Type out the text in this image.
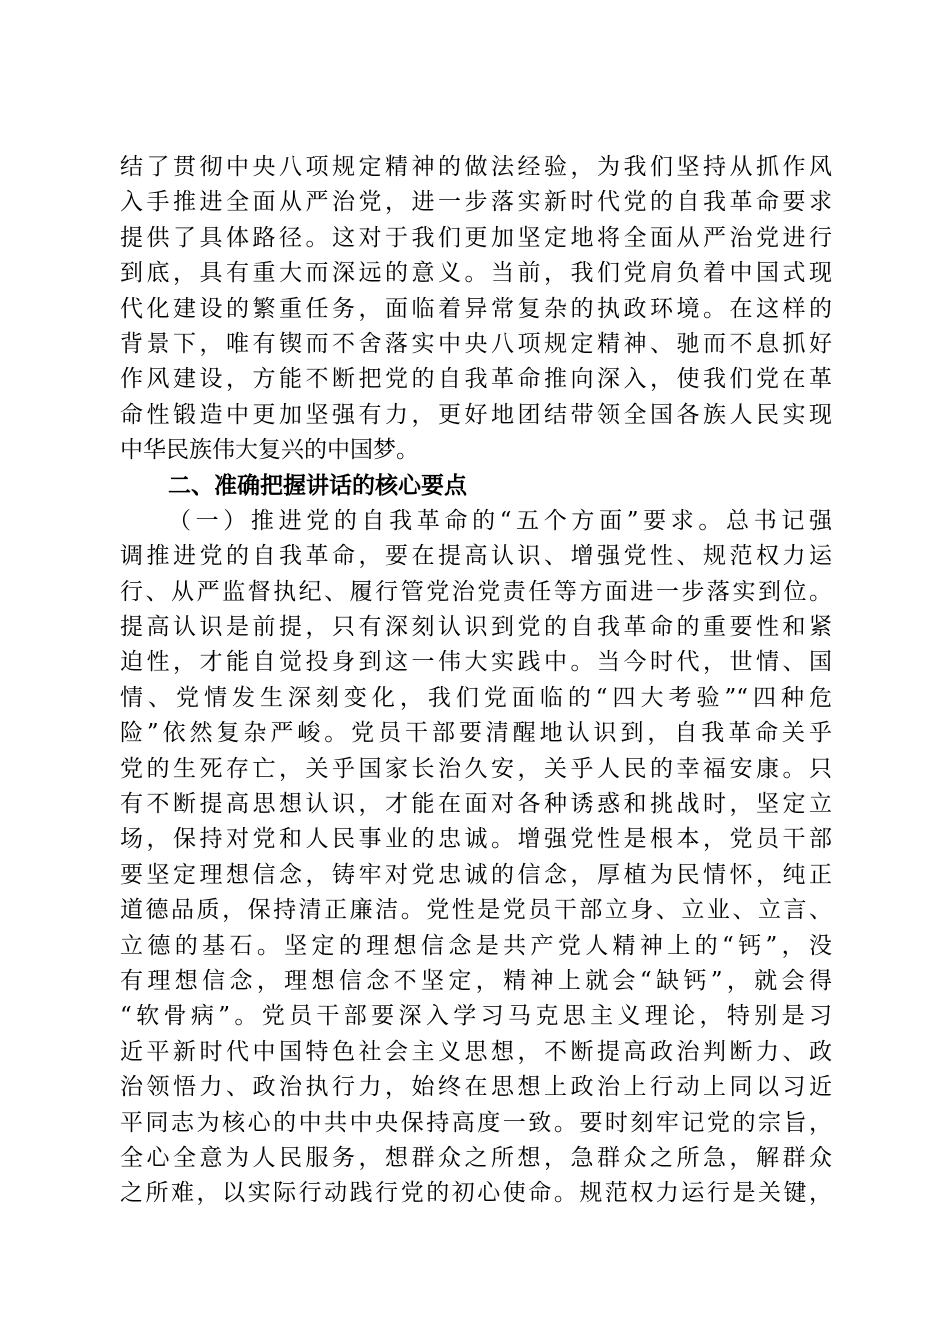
结了贯彻中央八项规定精神的做法经验，为我们坚持从抓作风
入手推进全面从严治党，进一步落实新时代党的自我革命要求
提供了具体路径。这对于我们更加坚定地将全面从严治党进行
到底，具有重大而深远的意义。当前，我们党肩负着中国式现
代化建设的繁重任务，面临着异常复杂的执政环境。在这样的
背景下，唯有锲而不舍落实中央八项规定精神、驰而不息抓好
作风建设，方能不断把党的自我革命推向深入，使我们党在革
命性锻造中更加坚强有力，更好地团结带领全国各族人民实现
中华民族伟大复兴的中国梦。
二、准确把握讲话的核心要点
（一）推进党的自我革命的“五个方面”要求。总书记强
调推进党的自我革命，要在提高认识、增强党性、规范权力运
行、从严监督执纪、履行管党治党责任等方面进一步落实到位。
提高认识是前提，只有深刻认识到党的自我革命的重要性和紧
迫性，才能自觉投身到这一伟大实践中。当今时代，世情、国
情、党情发生深刻变化，我们党面临的“四大考验”“四种危
险”依然复杂严峻。党员干部要清醒地认识到，自我革命关乎
党的生死存亡，关乎国家长治久安，关乎人民的幸福安康。只
有不断提高思想认识，才能在面对各种诱惑和挑战时，坚定立
场，保持对党和人民事业的忠诚。增强党性是根本，党员干部
要坚定理想信念，铸牢对党忠诚的信念，厚植为民情怀，纯正
道德品质，保持清正廉洁。党性是党员干部立身、立业、立言、
立德的基石。坚定的理想信念是共产党人精神上的“钙”，没
有理想信念，理想信念不坚定，精神上就会“缺钙”，就会得
“软骨病”。党员干部要深入学习马克思主义理论，特别是习
近平新时代中国特色社会主义思想，不断提高政治判断力、政
治领悟力、政治执行力，始终在思想上政治上行动上同以习近
平同志为核心的中共中央保持高度一致。要时刻牢记党的宗旨，
全心全意为人民服务，想群众之所想，急群众之所急，解群众
之所难，以实际行动践行党的初心使命。规范权力运行是关键，
